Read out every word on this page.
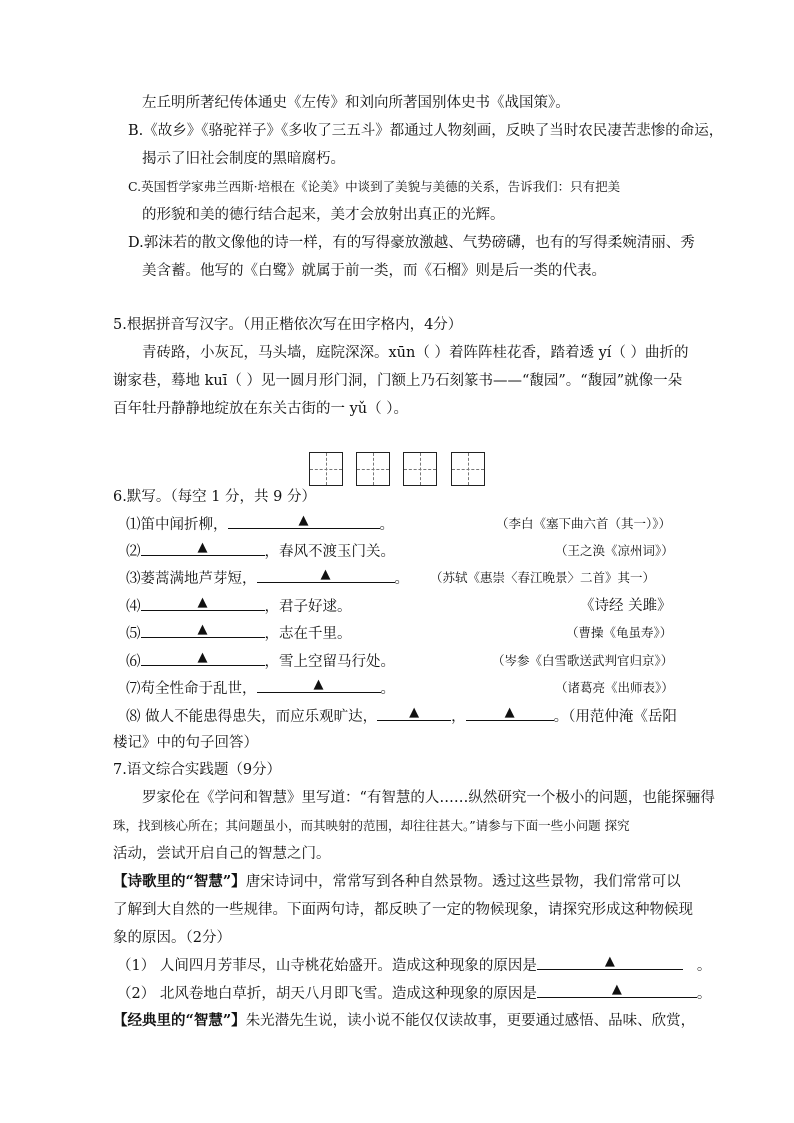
左丘明所著纪传体通史《左传》和刘向所著国别体史书《战国策》。
B.《故乡》《骆驼祥子》《多收了三五斗》都通过人物刻画，反映了当时农民凄苦悲惨的命运，
揭示了旧社会制度的黑暗腐朽。
C.英国哲学家弗兰西斯·培根在《论美》中谈到了美貌与美德的关系，告诉我们：只有把美
的形貌和美的德行结合起来，美才会放射出真正的光辉。
D.郭沫若的散文像他的诗一样，有的写得豪放激越、气势磅礴，也有的写得柔婉清丽、秀
美含蓄。他写的《白鹭》就属于前一类，而《石榴》则是后一类的代表。
5.根据拼音写汉字。（用正楷依次写在田字格内，4分）
青砖路，小灰瓦，马头墙，庭院深深。xūn（ ）着阵阵桂花香，踏着透 yí（ ）曲折的
谢家巷，蓦地 kuī（ ）见一圆月形门洞，门额上乃石刻篆书——“馥园”。“馥园”就像一朵
百年牡丹静静地绽放在东关古街的一 yǔ（ ）。
6.默写。（每空 1 分，共 9 分）
⑴笛中闻折柳，	▲	。	（李白《塞下曲六首（其一）》）
⑵	▲	，春风不渡玉门关。	（王之涣《凉州词》）
⑶蒌蒿满地芦芽短，	▲	。 （苏轼《惠崇〈春江晚景〉二首》其一）
⑷	▲	，君子好逑。	《诗经 关雎》
⑸	▲	，志在千里。	（曹操《龟虽寿》）
⑹	▲	，雪上空留马行处。	（岑参《白雪歌送武判官归京》）
⑺苟全性命于乱世，	▲	。	（诸葛亮《出师表》）
⑻ 做人不能患得患失，而应乐观旷达， ▲ ，	▲	。（用范仲淹《岳阳
楼记》中的句子回答）
7.语文综合实践题（9分）
罗家伦在《学问和智慧》里写道：“有智慧的人……纵然研究一个极小的问题，也能探骊得
珠，找到核心所在；其问题虽小，而其映射的范围，却往往甚大。”请参与下面一些小问题 探究
活动，尝试开启自己的智慧之门。
【诗歌里的“智慧”】唐宋诗词中，常常写到各种自然景物。透过这些景物，我们常常可以
了解到大自然的一些规律。下面两句诗，都反映了一定的物候现象，请探究形成这种物候现
象的原因。（2分）
（1） 人间四月芳菲尽，山寺桃花始盛开。造成这种现象的原因是	▲	。
（2） 北风卷地白草折，胡天八月即飞雪。造成这种现象的原因是	▲	。
【经典里的“智慧”】朱光潜先生说，读小说不能仅仅读故事，更要通过感悟、品味、欣赏，
